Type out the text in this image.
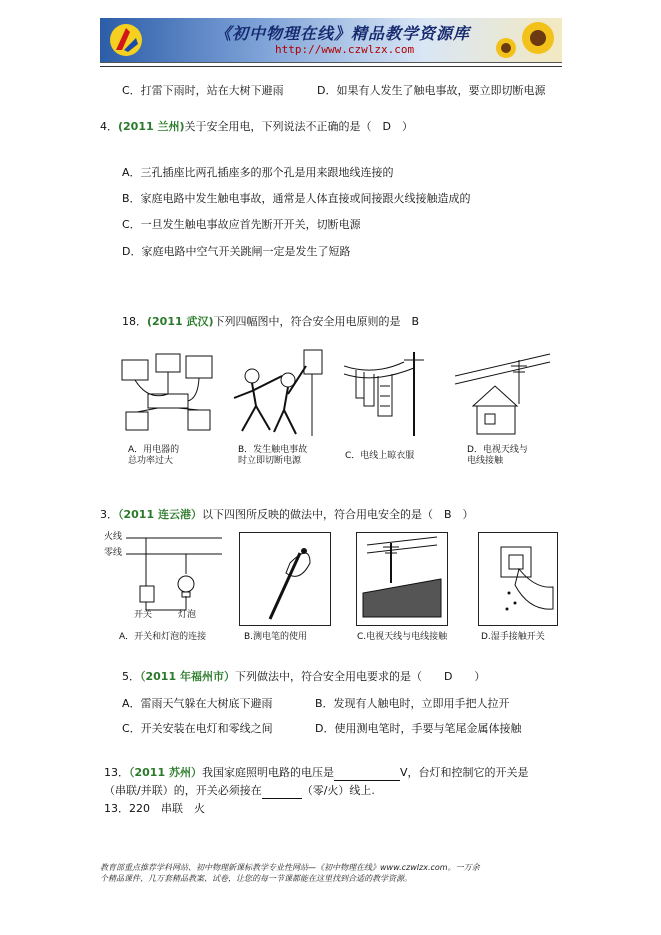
《初中物理在线》精品教学资源库
http://www.czwlzx.com
C．打雷下雨时，站在大树下避雨	D．如果有人发生了触电事故，要立即切断电源
4．(2011 兰州)关于安全用电，下列说法不正确的是（　D　）
A．三孔插座比两孔插座多的那个孔是用来跟地线连接的
B．家庭电路中发生触电事故，通常是人体直接或间接跟火线接触造成的
C．一旦发生触电事故应首先断开开关，切断电源
D．家庭电路中空气开关跳闸一定是发生了短路
18．(2011 武汉)下列四幅图中，符合安全用电原则的是　 B
A．用电器的
总功率过大
B．发生触电事故
时立即切断电源	C．电线上晾衣服
D．电视天线与
电线接触
3．（2011 连云港）以下四图所反映的做法中，符合用电安全的是（　B　）
火线
零线
开关	灯泡
A．开关和灯泡的连接	B.测电笔的使用	C.电视天线与电线接触	D.湿手接触开关
5．（2011 年福州市）下列做法中，符合安全用电要求的是（　　D　　）
A．雷雨天气躲在大树底下避雨	B．发现有人触电时，立即用手把人拉开
C．开关安装在电灯和零线之间	D．使用测电笔时，手要与笔尾金属体接触
13．（2011 苏州）我国家庭照明电路的电压是	V，台灯和控制它的开关是
（串联/并联）的，开关必须接在	（零/火）线上.
13．220　串联　火
教育部重点推荐学科网站、初中物理新课标教学专业性网站—《初中物理在线》www.czwlzx.com。一万余
个精品课件、几万套精品教案、试卷，让您的每一节课都能在这里找到合适的教学资源。
